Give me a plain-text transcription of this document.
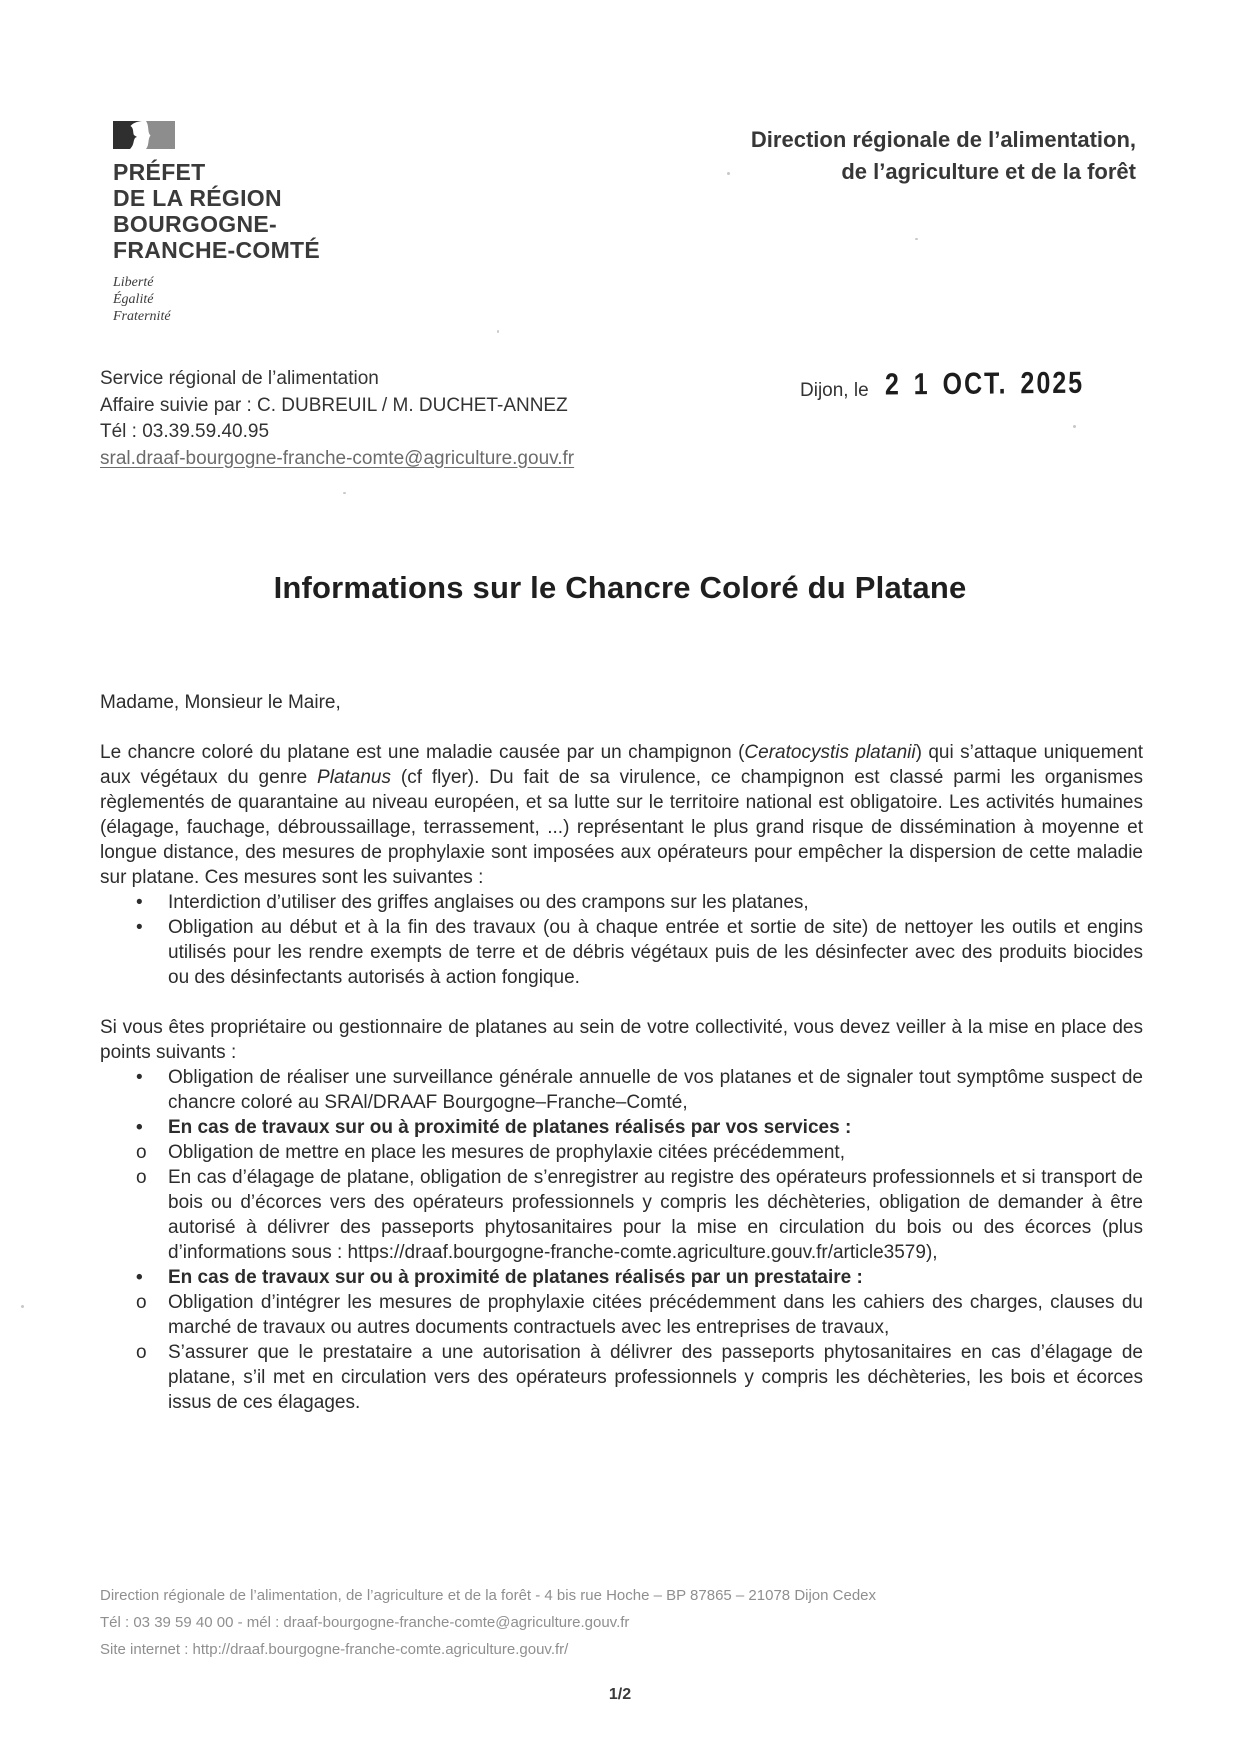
PRÉFET
DE LA RÉGION
BOURGOGNE-
FRANCHE-COMTÉ
Liberté
Égalité
Fraternité
Direction régionale de l’alimentation,
de l’agriculture et de la forêt
Service régional de l’alimentation
Affaire suivie par : C. DUBREUIL / M. DUCHET-ANNEZ
Tél : 03.39.59.40.95
sral.draaf-bourgogne-franche-comte@agriculture.gouv.fr
Dijon, le 2 1 OCT. 2025
Informations sur le Chancre Coloré du Platane

Madame, Monsieur le Maire,

Le chancre coloré du platane est une maladie causée par un champignon (Ceratocystis platanii) qui s’attaque uniquement aux végétaux du genre Platanus (cf flyer). Du fait de sa virulence, ce champignon est classé parmi les organismes règlementés de quarantaine au niveau européen, et sa lutte sur le territoire national est obligatoire. Les activités humaines (élagage, fauchage, débroussaillage, terrassement, ...) représentant le plus grand risque de dissémination à moyenne et longue distance, des mesures de prophylaxie sont imposées aux opérateurs pour empêcher la dispersion de cette maladie sur platane. Ces mesures sont les suivantes :

• Interdiction d’utiliser des griffes anglaises ou des crampons sur les platanes,
• Obligation au début et à la fin des travaux (ou à chaque entrée et sortie de site) de nettoyer les outils et engins utilisés pour les rendre exempts de terre et de débris végétaux puis de les désinfecter avec des produits biocides ou des désinfectants autorisés à action fongique.

Si vous êtes propriétaire ou gestionnaire de platanes au sein de votre collectivité, vous devez veiller à la mise en place des points suivants :

• Obligation de réaliser une surveillance générale annuelle de vos platanes et de signaler tout symptôme suspect de chancre coloré au SRAl/DRAAF Bourgogne–Franche–Comté,
• En cas de travaux sur ou à proximité de platanes réalisés par vos services :
o Obligation de mettre en place les mesures de prophylaxie citées précédemment,
o En cas d’élagage de platane, obligation de s’enregistrer au registre des opérateurs professionnels et si transport de bois ou d’écorces vers des opérateurs professionnels y compris les déchèteries, obligation de demander à être autorisé à délivrer des passeports phytosanitaires pour la mise en circulation du bois ou des écorces (plus d’informations sous : https://draaf.bourgogne-franche-comte.agriculture.gouv.fr/article3579),
• En cas de travaux sur ou à proximité de platanes réalisés par un prestataire :
o Obligation d’intégrer les mesures de prophylaxie citées précédemment dans les cahiers des charges, clauses du marché de travaux ou autres documents contractuels avec les entreprises de travaux,
o S’assurer que le prestataire a une autorisation à délivrer des passeports phytosanitaires en cas d’élagage de platane, s’il met en circulation vers des opérateurs professionnels y compris les déchèteries, les bois et écorces issus de ces élagages.
Direction régionale de l’alimentation, de l’agriculture et de la forêt - 4 bis rue Hoche – BP 87865 – 21078 Dijon Cedex
Tél : 03 39 59 40 00 - mél : draaf-bourgogne-franche-comte@agriculture.gouv.fr
Site internet : http://draaf.bourgogne-franche-comte.agriculture.gouv.fr/
1/2
